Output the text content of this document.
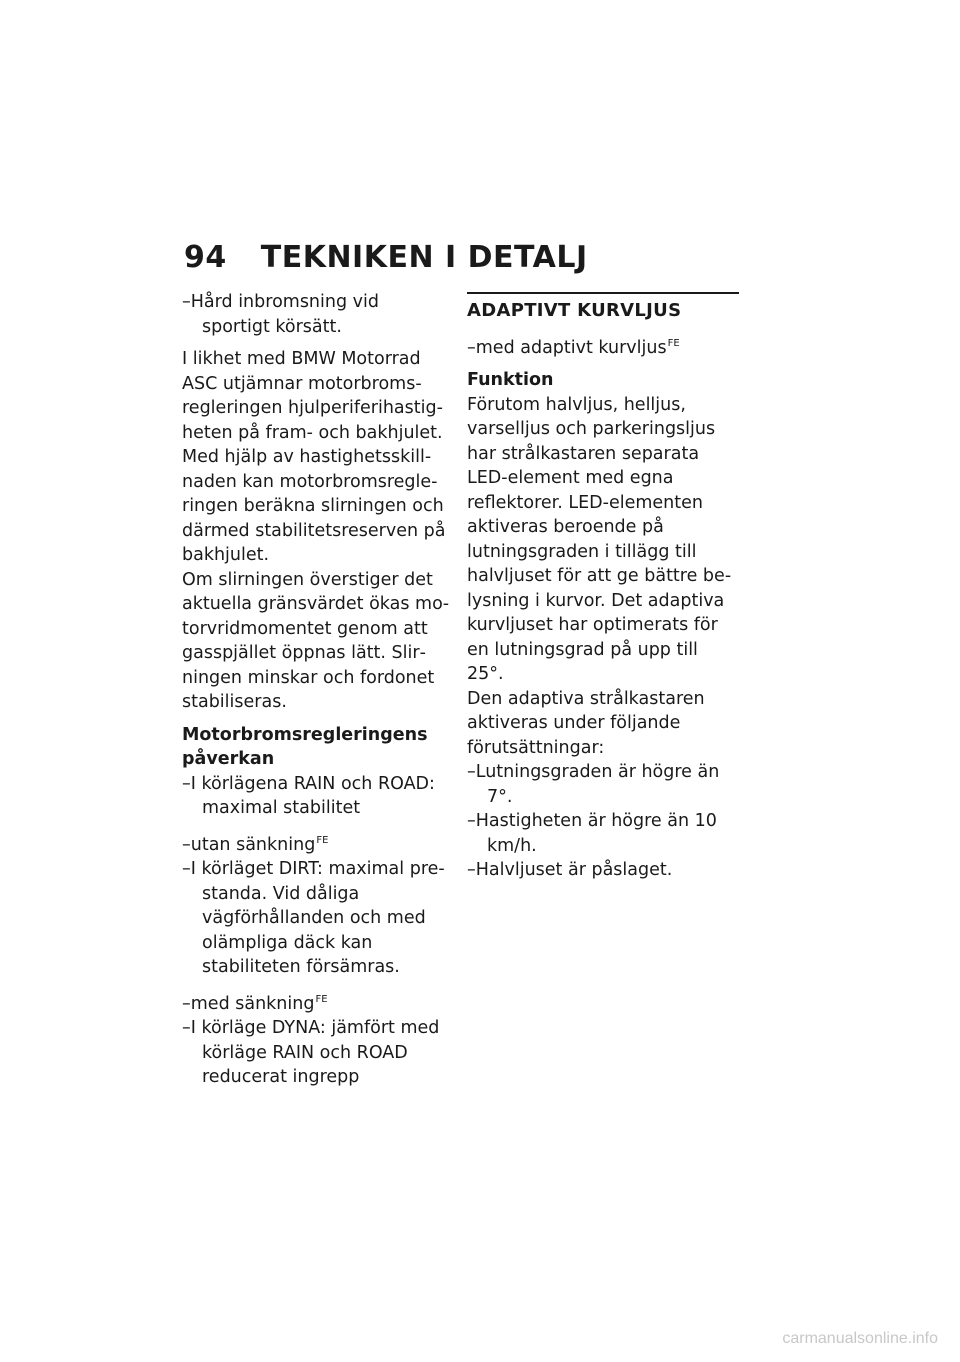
94 TEKNIKEN I DETALJ

–Hård inbromsning vid sportigt körsätt.

I likhet med BMW Motorrad ASC utjämnar motorbromsregleringen hjulperiferihastigheten på fram- och bakhjulet. Med hjälp av hastighetsskillnaden kan motorbromsregleringen beräkna slirningen och därmed stabilitetsreserven på bakhjulet.

Om slirningen överstiger det aktuella gränsvärdet ökas motorvridmomentet genom att gasspjället öppnas lätt. Slirningen minskar och fordonet stabiliseras.

Motorbromsregleringens påverkan

–I körlägena RAIN och ROAD: maximal stabilitet

–utan sänkning$^{FE}$

–I körläget DIRT: maximal prestanda. Vid dåliga vägförhållanden och med olämpliga däck kan stabiliteten försämras.

–med sänkning$^{FE}$

–I körläge DYNA: jämfört med körläge RAIN och ROAD reducerat ingrepp

ADAPTIVT KURVLJUS

–med adaptivt kurvljus$^{FE}$

Funktion

Förutom halvljus, helljus, varselljus och parkeringsljus har strålkastaren separata LED-element med egna reflektorer. LED-elementen aktiveras beroende på lutningsgraden i tillägg till halvljuset för att ge bättre belysning i kurvor. Det adaptiva kurvljuset har optimerats för en lutningsgrad på upp till 25°.

Den adaptiva strålkastaren aktiveras under följande förutsättningar:

–Lutningsgraden är högre än 7°.

–Hastigheten är högre än 10 km/h.

–Halvljuset är påslaget.

carmanualsonline.info
